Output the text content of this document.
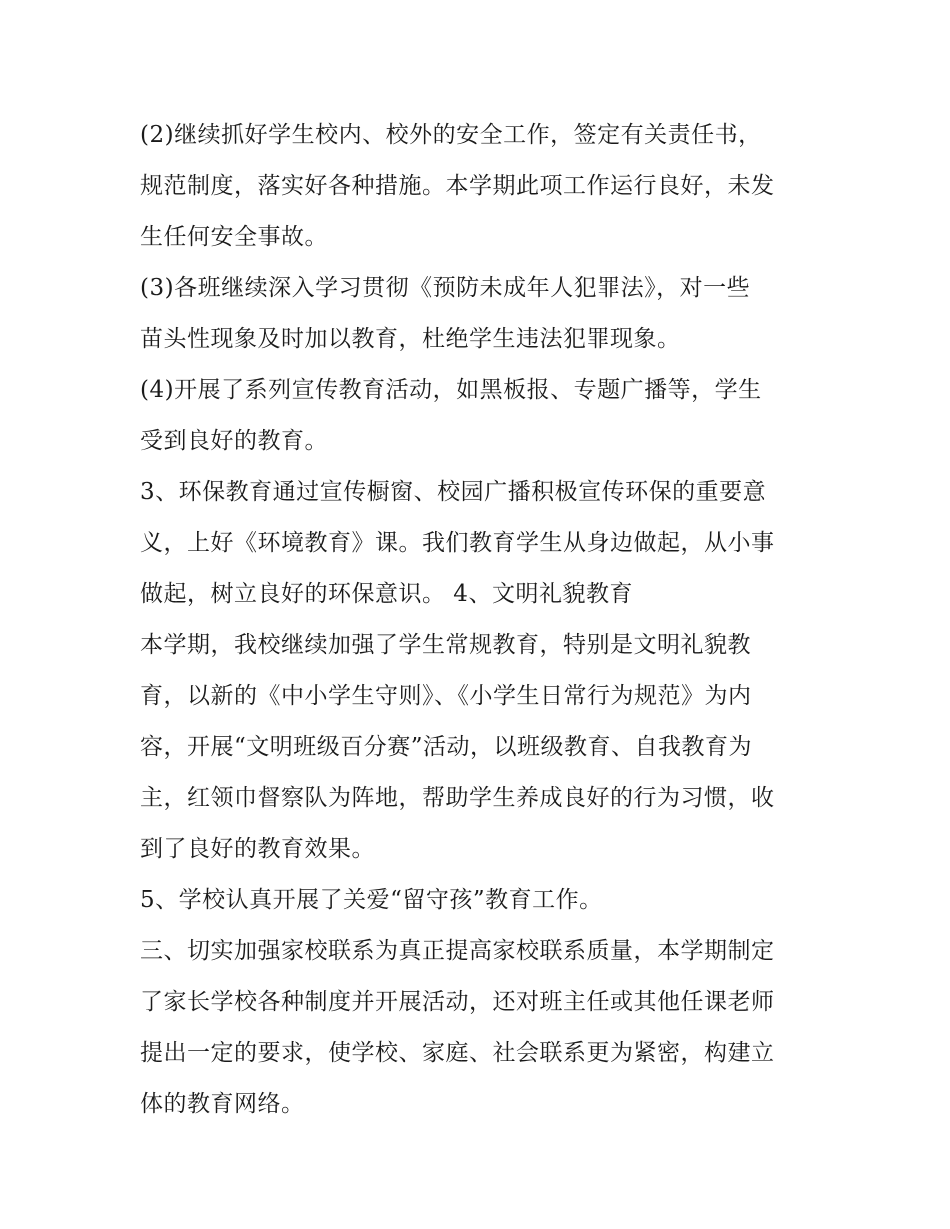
(2)继续抓好学生校内、校外的安全工作，签定有关责任书，
规范制度，落实好各种措施。本学期此项工作运行良好，未发
生任何安全事故。
(3)各班继续深入学习贯彻《预防未成年人犯罪法》，对一些
苗头性现象及时加以教育，杜绝学生违法犯罪现象。
(4)开展了系列宣传教育活动，如黑板报、专题广播等，学生
受到良好的教育。
3、环保教育通过宣传橱窗、校园广播积极宣传环保的重要意
义，上好《环境教育》课。我们教育学生从身边做起，从小事
做起，树立良好的环保意识。 4、文明礼貌教育
本学期，我校继续加强了学生常规教育，特别是文明礼貌教
育，以新的《中小学生守则》、《小学生日常行为规范》为内
容，开展“文明班级百分赛”活动，以班级教育、自我教育为
主，红领巾督察队为阵地，帮助学生养成良好的行为习惯，收
到了良好的教育效果。
5、学校认真开展了关爱“留守孩”教育工作。
三、切实加强家校联系为真正提高家校联系质量，本学期制定
了家长学校各种制度并开展活动，还对班主任或其他任课老师
提出一定的要求，使学校、家庭、社会联系更为紧密，构建立
体的教育网络。
